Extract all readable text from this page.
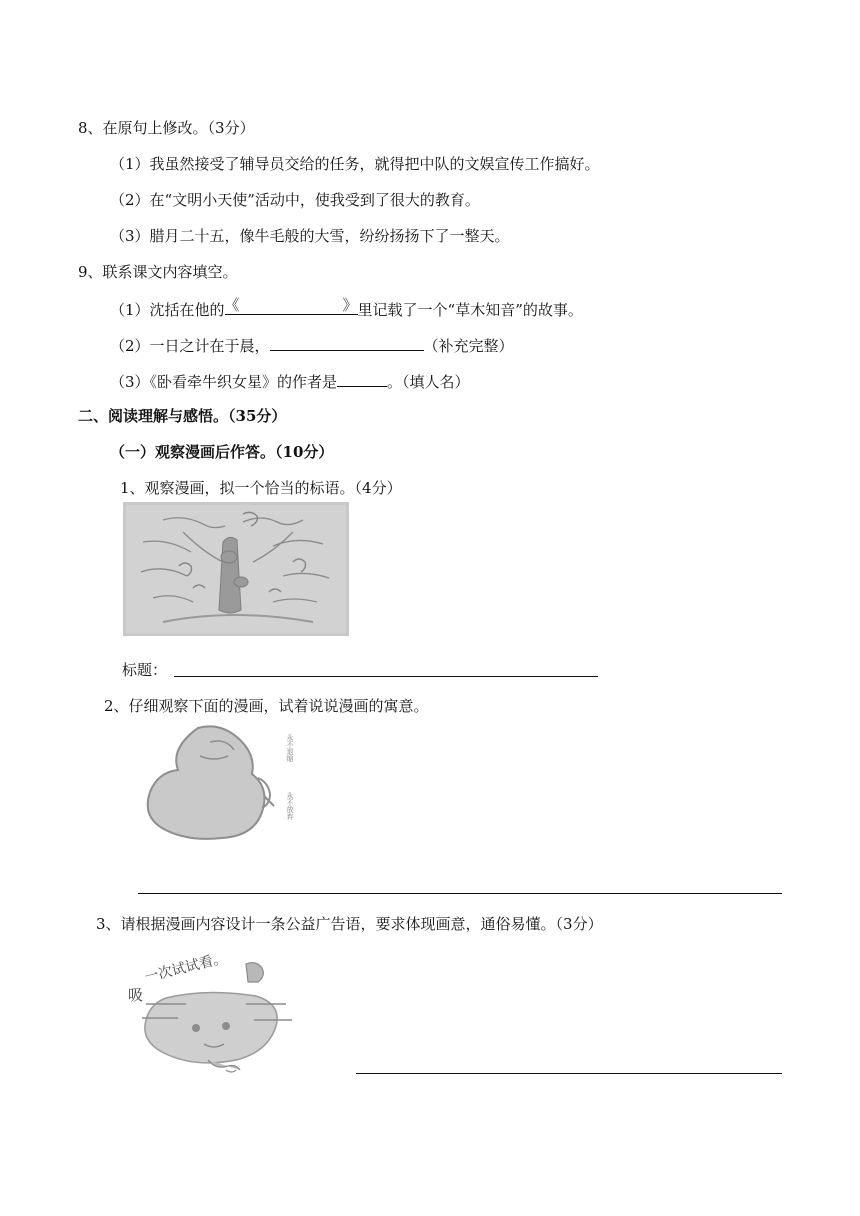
8、在原句上修改。（3分）
（1）我虽然接受了辅导员交给的任务，就得把中队的文娱宣传工作搞好。
（2）在“文明小天使”活动中，使我受到了很大的教育。
（3）腊月二十五，像牛毛般的大雪，纷纷扬扬下了一整天。
9、联系课文内容填空。
（1）沈括在他的 《	》 里记载了一个“草木知音”的故事。
（2）一日之计在于晨，	（补充完整）
（3）《卧看牵牛织女星》的作者是	。（填人名）
二、阅读理解与感悟。（35分）
（一）观察漫画后作答。（10分）
1、观察漫画，拟一个恰当的标语。（4分）
标题：
2、仔细观察下面的漫画，试着说说漫画的寓意。
永不退缩
永不放弃
3、请根据漫画内容设计一条公益广告语，要求体现画意，通俗易懂。（3分）
吸
一次试试看。
